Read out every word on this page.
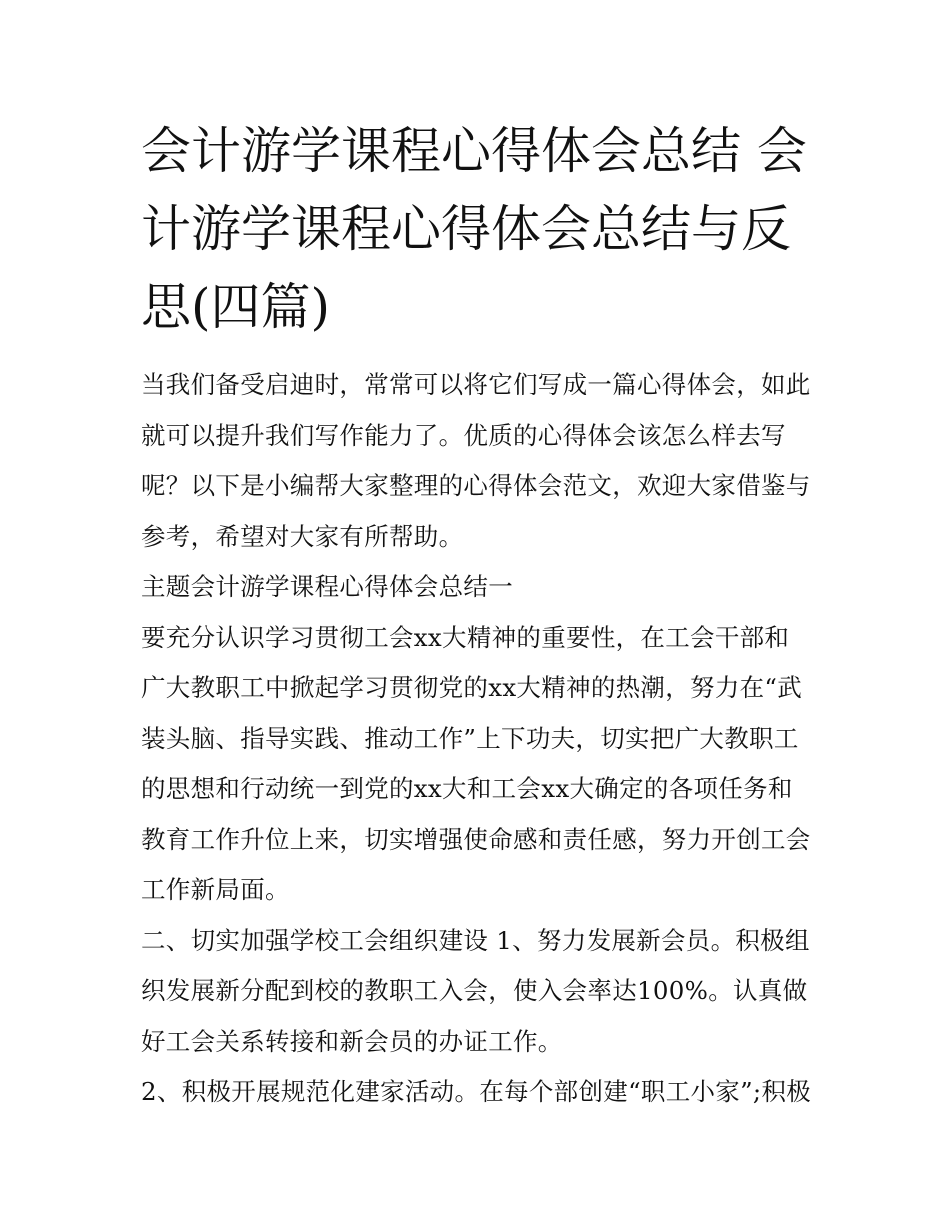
会计游学课程心得体会总结 会计游学课程心得体会总结与反思(四篇)

当我们备受启迪时，常常可以将它们写成一篇心得体会，如此就可以提升我们写作能力了。优质的心得体会该怎么样去写呢？以下是小编帮大家整理的心得体会范文，欢迎大家借鉴与参考，希望对大家有所帮助。

主题会计游学课程心得体会总结一

要充分认识学习贯彻工会xx大精神的重要性，在工会干部和广大教职工中掀起学习贯彻党的xx大精神的热潮，努力在“武装头脑、指导实践、推动工作”上下功夫，切实把广大教职工的思想和行动统一到党的xx大和工会xx大确定的各项任务和教育工作升位上来，切实增强使命感和责任感，努力开创工会工作新局面。

二、切实加强学校工会组织建设 1、努力发展新会员。积极组织发展新分配到校的教职工入会，使入会率达100%。认真做好工会关系转接和新会员的办证工作。

2、积极开展规范化建家活动。在每个部创建“职工小家”;积极
